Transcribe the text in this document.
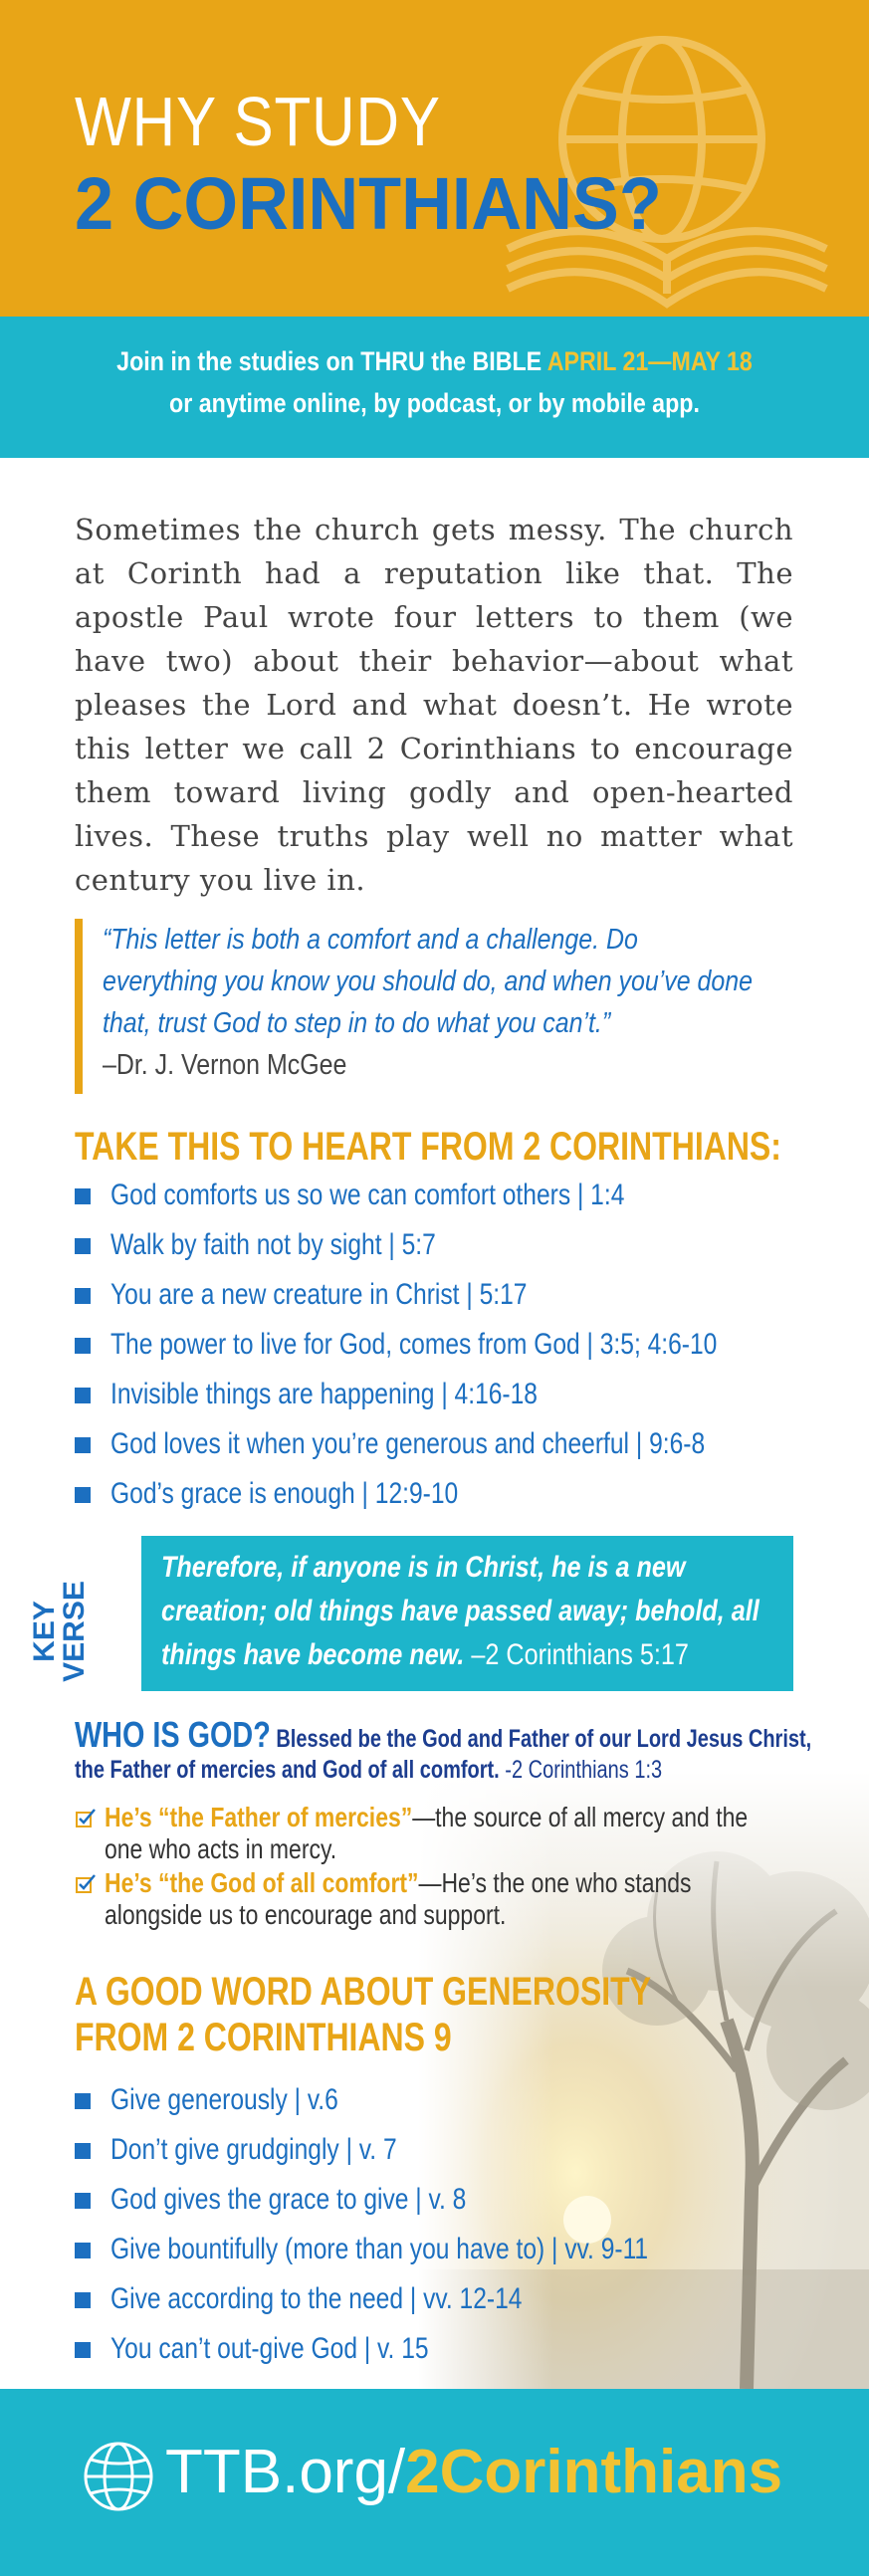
WHY STUDY
2 CORINTHIANS?
Join in the studies on THRU the BIBLE APRIL 21—MAY 18
or anytime online, by podcast, or by mobile app.

Sometimes the church gets messy. The church at Corinth had a reputation like that. The apostle Paul wrote four letters to them (we have two) about their behavior—about what pleases the Lord and what doesn’t. He wrote this letter we call 2 Corinthians to encourage them toward living godly and open-hearted lives. These truths play well no matter what century you live in.

“This letter is both a comfort and a challenge. Do everything you know you should do, and when you’ve done that, trust God to step in to do what you can’t.”
–Dr. J. Vernon McGee
TAKE THIS TO HEART FROM 2 CORINTHIANS:
God comforts us so we can comfort others | 1:4
Walk by faith not by sight | 5:7
You are a new creature in Christ | 5:17
The power to live for God, comes from God | 3:5; 4:6-10
Invisible things are happening | 4:16-18
God loves it when you’re generous and cheerful | 9:6-8
God’s grace is enough | 12:9-10
KEY
VERSE
Therefore, if anyone is in Christ, he is a new creation; old things have passed away; behold, all things have become new. –2 Corinthians 5:17
WHO IS GOD? Blessed be the God and Father of our Lord Jesus Christ,
the Father of mercies and God of all comfort. -2 Corinthians 1:3
He’s “the Father of mercies”—the source of all mercy and the
one who acts in mercy.
He’s “the God of all comfort”—He’s the one who stands
alongside us to encourage and support.
A GOOD WORD ABOUT GENEROSITY
FROM 2 CORINTHIANS 9
Give generously | v.6
Don’t give grudgingly | v. 7
God gives the grace to give | v. 8
Give bountifully (more than you have to) | vv. 9-11
Give according to the need | vv. 12-14
You can’t out-give God | v. 15
TTB.org/2Corinthians
